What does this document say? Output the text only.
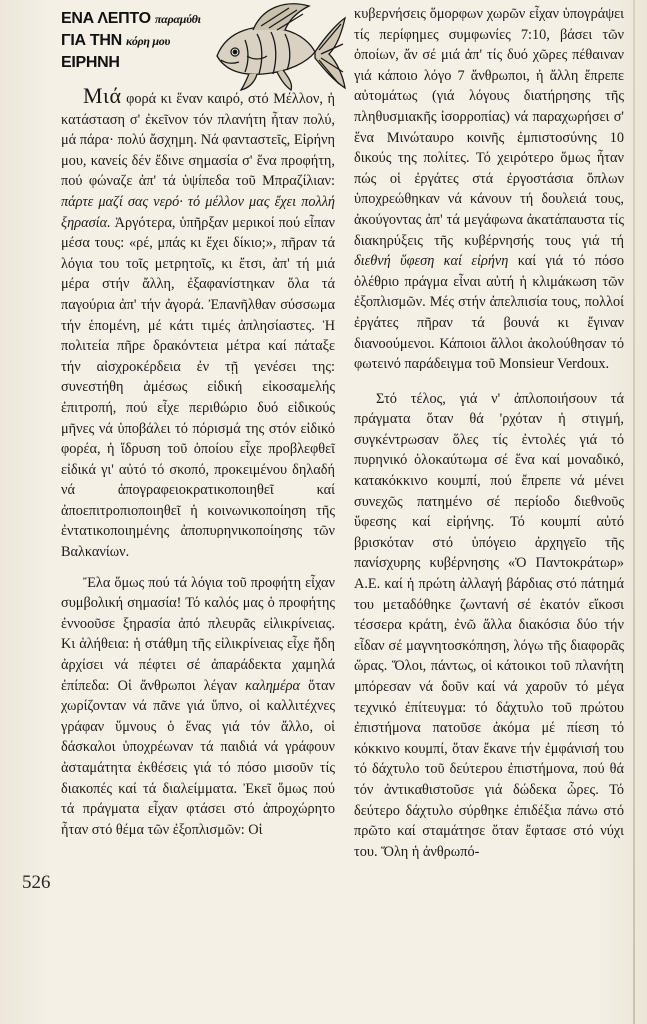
ΕΝΑ ΛΕΠΤΟ παραμύθι
ΓΙΑ ΤΗΝ κόρη μου
ΕΙΡΗΝΗ

Μιά φορά κι ἕναν καιρό, στό Μέλλον, ἡ κατάσταση σ' ἐκεῖνον τόν πλανήτη ἦταν πολύ, μά πάρα· πολύ ἄσχημη. Νά φανταστεῖς, Εἰρήνη μου, κανείς δέν ἔδινε σημασία σ' ἕνα προφήτη, πού φώναζε ἀπ' τά ὑψίπεδα τοῦ Μπραζίλιαν: πάρτε μαζί σας νερό· τό μέλλον μας ἔχει πολλή ξηρασία. Ἀργότερα, ὑπῆρξαν μερικοί πού εἶπαν μέσα τους: «ρέ, μπάς κι ἔχει δίκιο;», πῆραν τά λόγια του τοῖς μετρητοῖς, κι ἔτσι, ἀπ' τή μιά μέρα στήν ἄλλη, ἐξαφανίστηκαν ὅλα τά παγούρια ἀπ' τήν ἀγορά. Ἐπανῆλθαν σύσσωμα τήν ἑπομένη, μέ κάτι τιμές ἀπλησίαστες. Ἡ πολιτεία πῆρε δρακόντεια μέτρα καί πάταξε τήν αἰσχροκέρδεια ἐν τῇ γενέσει της: συνεστήθη ἀμέσως εἰδική εἰκοσαμελής ἐπιτροπή, πού εἶχε περιθώριο δυό εἰδικούς μῆνες νά ὑποβάλει τό πόρισμά της στόν εἰδικό φορέα, ἡ ἵδρυση τοῦ ὁποίου εἶχε προβλεφθεῖ εἰδικά γι' αὐτό τό σκοπό, προκειμένου δηλαδή νά ἀπογραφειοκρατικοποιηθεῖ καί ἀποεπιτροπιοποιηθεῖ ἡ κοινωνικοποίηση τῆς ἐντατικοποιημένης ἀποπυρηνικοποίησης τῶν Βαλκανίων.

Ἔλα ὅμως πού τά λόγια τοῦ προφήτη εἶχαν συμβολική σημασία! Τό καλός μας ὁ προφήτης ἐννοοῦσε ξηρασία ἀπό πλευρᾶς εἰλικρίνειας. Κι ἀλήθεια: ἡ στάθμη τῆς εἰλικρίνειας εἶχε ἤδη ἀρχίσει νά πέφτει σέ ἀπαράδεκτα χαμηλά ἐπίπεδα: Οἱ ἄνθρωποι λέγαν καλημέρα ὅταν χωρίζονταν νά πᾶνε γιά ὕπνο, οἱ καλλιτέχνες γράφαν ὕμνους ὁ ἕνας γιά τόν ἄλλο, οἱ δάσκαλοι ὑποχρέωναν τά παιδιά νά γράφουν ἀσταμάτητα ἐκθέσεις γιά τό πόσο μισοῦν τίς διακοπές καί τά διαλείμματα. Ἐκεῖ ὅμως πού τά πράγματα εἶχαν φτάσει στό ἀπροχώρητο ἦταν στό θέμα τῶν ἐξοπλισμῶν: Οἱ

κυβερνήσεις ὅμορφων χωρῶν εἶχαν ὑπογράψει τίς περίφημες συμφωνίες 7:10, βάσει τῶν ὁποίων, ἄν σέ μιά ἀπ' τίς δυό χῶρες πέθαιναν γιά κάποιο λόγο 7 ἄνθρωποι, ἡ ἄλλη ἔπρεπε αὐτομάτως (γιά λόγους διατήρησης τῆς πληθυσμιακῆς ἰσορροπίας) νά παραχωρήσει σ' ἕνα Μινώταυρο κοινῆς ἐμπιστοσύνης 10 δικούς της πολίτες. Τό χειρότερο ὅμως ἦταν πώς οἱ ἐργάτες στά ἐργοστάσια ὅπλων ὑποχρεώθηκαν νά κάνουν τή δουλειά τους, ἀκούγοντας ἀπ' τά μεγάφωνα ἀκατάπαυστα τίς διακηρύξεις τῆς κυβέρνησής τους γιά τή διεθνή ὕφεση καί εἰρήνη καί γιά τό πόσο ὀλέθριο πράγμα εἶναι αὐτή ἡ κλιμάκωση τῶν ἐξοπλισμῶν. Μές στήν ἀπελπισία τους, πολλοί ἐργάτες πῆραν τά βουνά κι ἔγιναν διανοούμενοι. Κάποιοι ἄλλοι ἀκολούθησαν τό φωτεινό παράδειγμα τοῦ Monsieur Verdoux.

Στό τέλος, γιά ν' ἁπλοποιήσουν τά πράγματα ὅταν θά 'ρχόταν ἡ στιγμή, συγκέντρωσαν ὅλες τίς ἐντολές γιά τό πυρηνικό ὁλοκαύτωμα σέ ἕνα καί μοναδικό, κατακόκκινο κουμπί, πού ἔπρεπε νά μένει συνεχῶς πατημένο σέ περίοδο διεθνοῦς ὕφεσης καί εἰρήνης. Τό κουμπί αὐτό βρισκόταν στό ὑπόγειο ἀρχηγεῖο τῆς πανίσχυρης κυβέρνησης «Ὁ Παντοκράτωρ» Α.Ε. καί ἡ πρώτη ἀλλαγή βάρδιας στό πάτημά του μεταδόθηκε ζωντανή σέ ἑκατόν εἴκοσι τέσσερα κράτη, ἐνῶ ἄλλα διακόσια δύο τήν εἶδαν σέ μαγνητοσκόπηση, λόγω τῆς διαφορᾶς ὥρας. Ὅλοι, πάντως, οἱ κάτοικοι τοῦ πλανήτη μπόρεσαν νά δοῦν καί νά χαροῦν τό μέγα τεχνικό ἐπίτευγμα: τό δάχτυλο τοῦ πρώτου ἐπιστήμονα πατοῦσε ἀκόμα μέ πίεση τό κόκκινο κουμπί, ὅταν ἔκανε τήν ἐμφάνισή του τό δάχτυλο τοῦ δεύτερου ἐπιστήμονα, πού θά τόν ἀντικαθιστοῦσε γιά δώδεκα ὧρες. Τό δεύτερο δάχτυλο σύρθηκε ἐπιδέξια πάνω στό πρῶτο καί σταμάτησε ὅταν ἔφτασε στό νύχι του. Ὅλη ἡ ἀνθρωπό-

526
